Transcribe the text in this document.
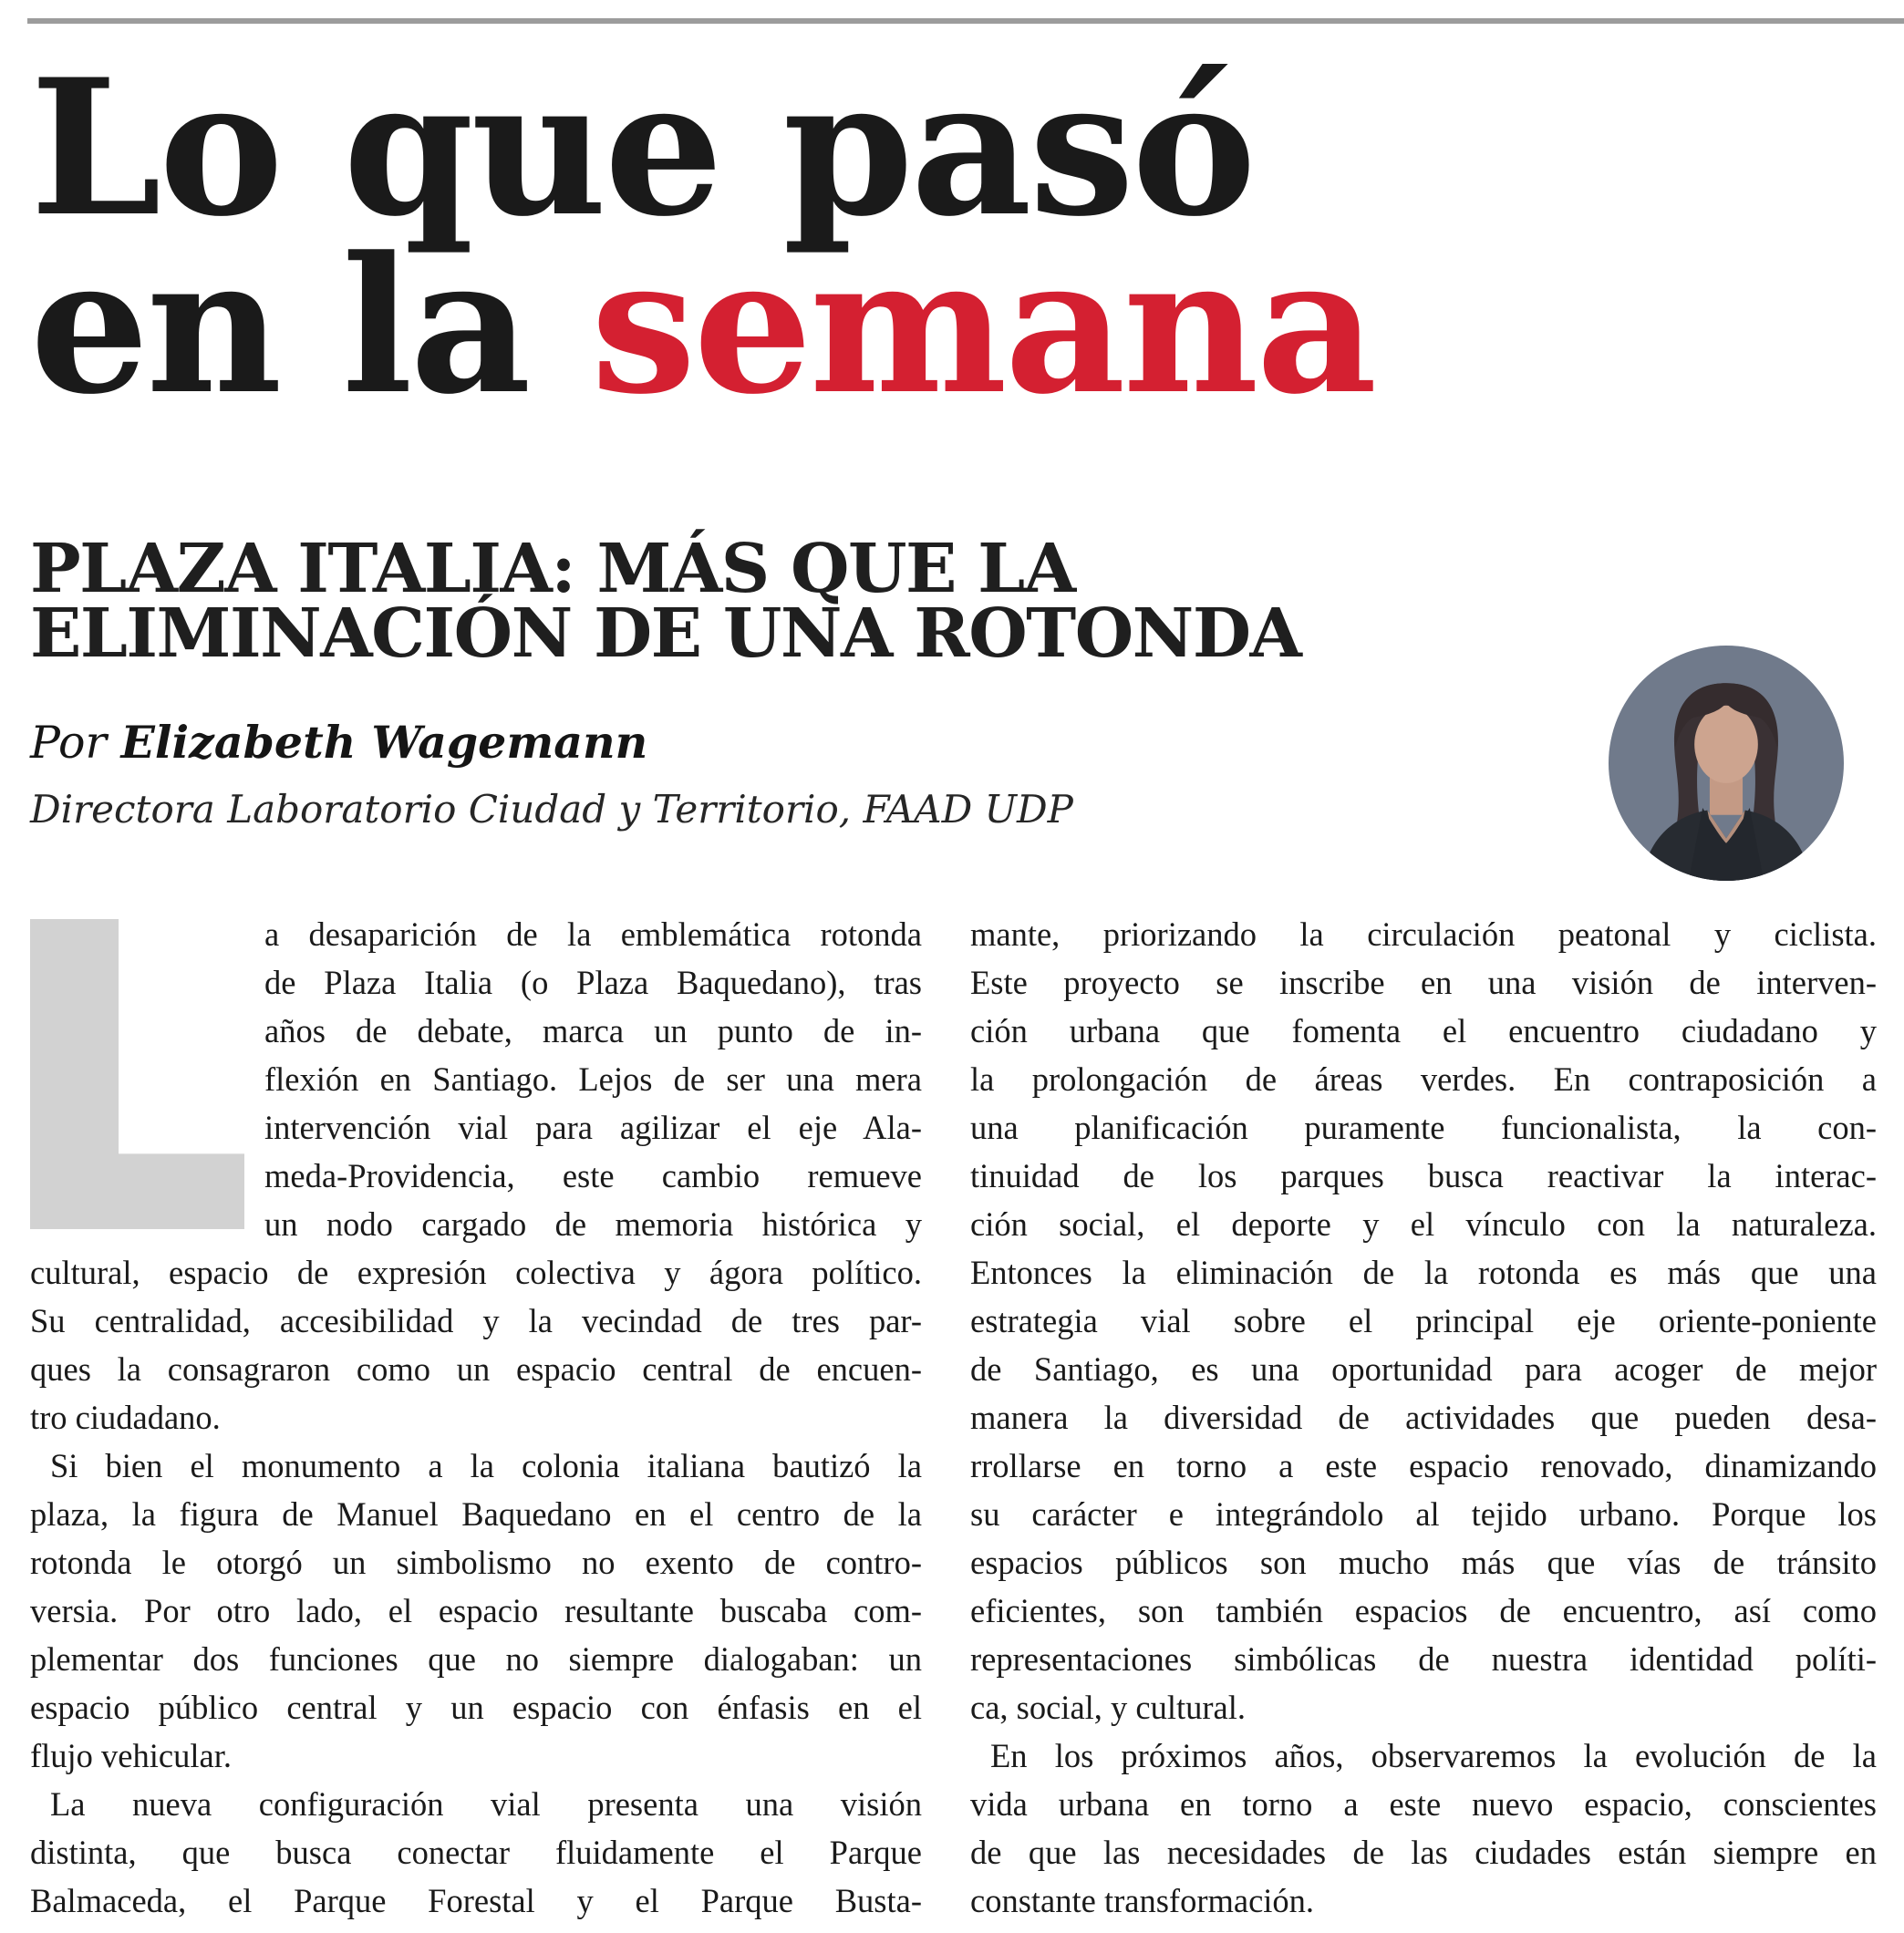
Lo que pasó
en la semana
PLAZA ITALIA: MÁS QUE LA
ELIMINACIÓN DE UNA ROTONDA
Por Elizabeth Wagemann
Directora Laboratorio Ciudad y Territorio, FAAD UDP
a desaparición de la emblemática rotonda
de Plaza Italia (o Plaza Baquedano), tras
años de debate, marca un punto de in-
flexión en Santiago. Lejos de ser una mera
intervención vial para agilizar el eje Ala-
meda-Providencia, este cambio remueve
un nodo cargado de memoria histórica y
cultural, espacio de expresión colectiva y ágora político.
Su centralidad, accesibilidad y la vecindad de tres par-
ques la consagraron como un espacio central de encuen-
tro ciudadano.
Si bien el monumento a la colonia italiana bautizó la
plaza, la figura de Manuel Baquedano en el centro de la
rotonda le otorgó un simbolismo no exento de contro-
versia. Por otro lado, el espacio resultante buscaba com-
plementar dos funciones que no siempre dialogaban: un
espacio público central y un espacio con énfasis en el
flujo vehicular.
La nueva configuración vial presenta una visión
distinta, que busca conectar fluidamente el Parque
Balmaceda, el Parque Forestal y el Parque Busta-
mante, priorizando la circulación peatonal y ciclista.
Este proyecto se inscribe en una visión de interven-
ción urbana que fomenta el encuentro ciudadano y
la prolongación de áreas verdes. En contraposición a
una planificación puramente funcionalista, la con-
tinuidad de los parques busca reactivar la interac-
ción social, el deporte y el vínculo con la naturaleza.
Entonces la eliminación de la rotonda es más que una
estrategia vial sobre el principal eje oriente-poniente
de Santiago, es una oportunidad para acoger de mejor
manera la diversidad de actividades que pueden desa-
rrollarse en torno a este espacio renovado, dinamizando
su carácter e integrándolo al tejido urbano. Porque los
espacios públicos son mucho más que vías de tránsito
eficientes, son también espacios de encuentro, así como
representaciones simbólicas de nuestra identidad políti-
ca, social, y cultural.
En los próximos años, observaremos la evolución de la
vida urbana en torno a este nuevo espacio, conscientes
de que las necesidades de las ciudades están siempre en
constante transformación.
